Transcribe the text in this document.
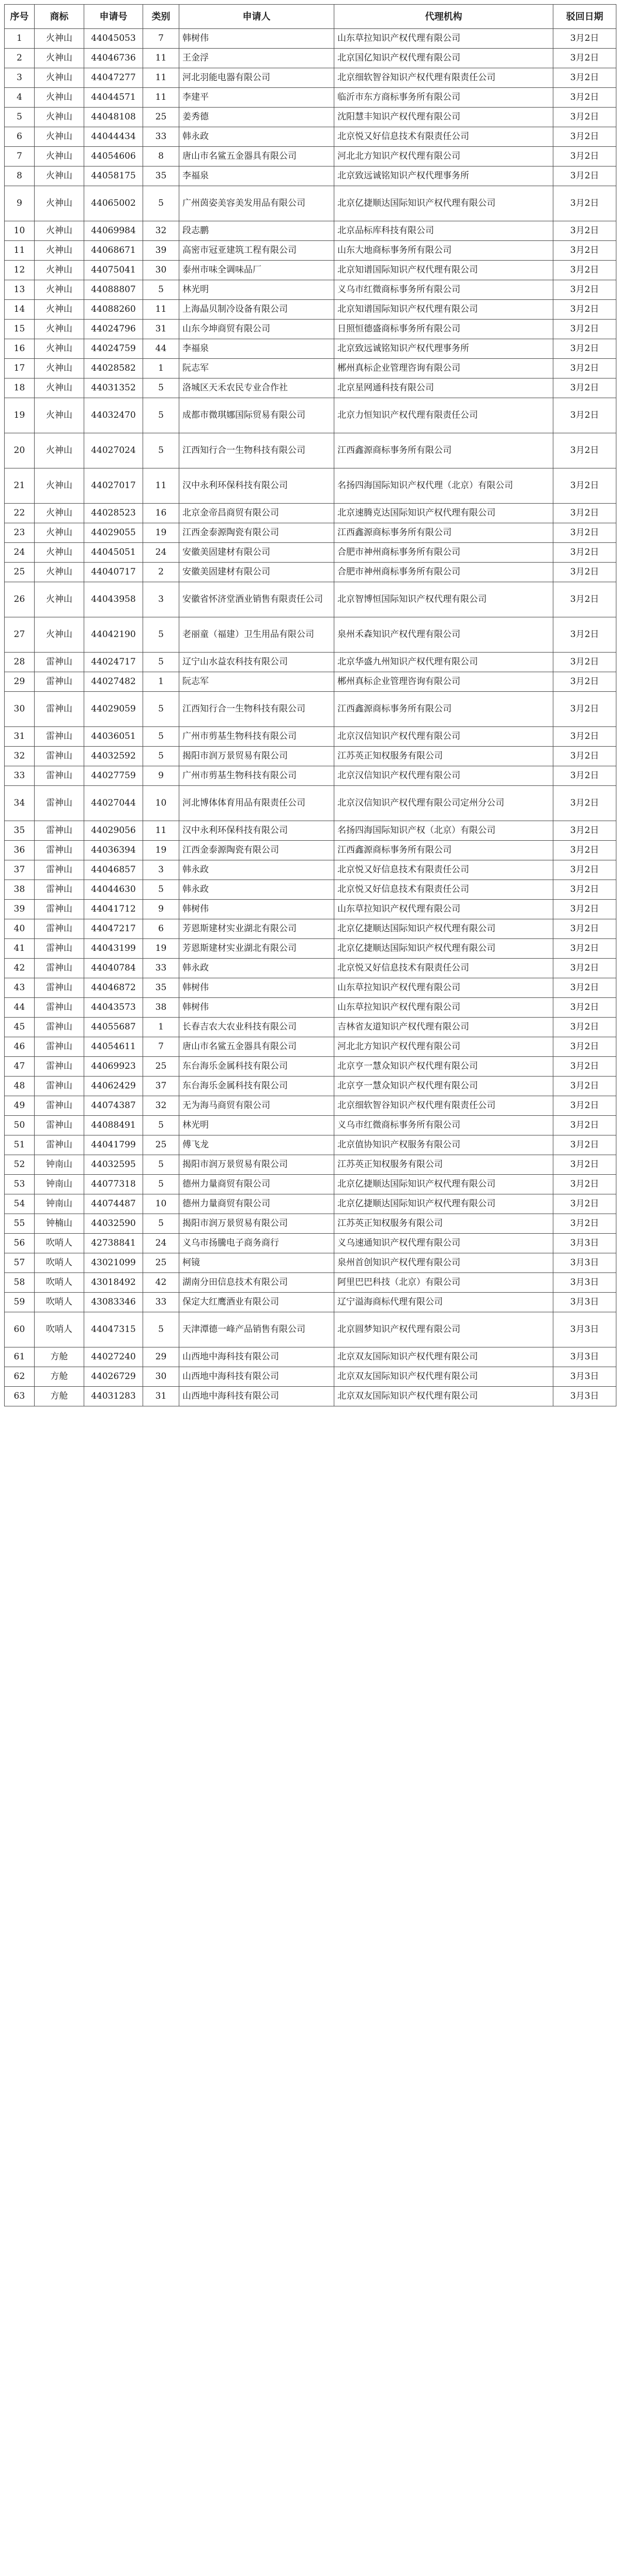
序号	商标	申请号	类别	申请人	代理机构	驳回日期
1	火神山	44045053	7	韩树伟	山东草拉知识产权代理有限公司	3月2日
2	火神山	44046736	11	王金浮	北京国亿知识产权代理有限公司	3月2日
3	火神山	44047277	11	河北羽能电器有限公司	北京细软智谷知识产权代理有限责任公司	3月2日
4	火神山	44044571	11	李建平	临沂市东方商标事务所有限公司	3月2日
5	火神山	44048108	25	姜秀德	沈阳慧丰知识产权代理有限公司	3月2日
6	火神山	44044434	33	韩永政	北京悦又好信息技术有限责任公司	3月2日
7	火神山	44054606	8	唐山市名鲨五金器具有限公司	河北北方知识产权代理有限公司	3月2日
8	火神山	44058175	35	李福泉	北京致远诚铭知识产权代理事务所	3月2日
9	火神山	44065002	5	广州茵姿美容美发用品有限公司	北京亿捷顺达国际知识产权代理有限公司	3月2日
10	火神山	44069984	32	段志鹏	北京品标库科技有限公司	3月2日
11	火神山	44068671	39	高密市冠亚建筑工程有限公司	山东大地商标事务所有限公司	3月2日
12	火神山	44075041	30	泰州市味全调味品厂	北京知谱国际知识产权代理有限公司	3月2日
13	火神山	44088807	5	林光明	义乌市红微商标事务所有限公司	3月2日
14	火神山	44088260	11	上海晶贝制冷设备有限公司	北京知谱国际知识产权代理有限公司	3月2日
15	火神山	44024796	31	山东今坤商贸有限公司	日照恒德盛商标事务所有限公司	3月2日
16	火神山	44024759	44	李福泉	北京致远诚铭知识产权代理事务所	3月2日
17	火神山	44028582	1	阮志军	郴州真标企业管理咨询有限公司	3月2日
18	火神山	44031352	5	洛城区天禾农民专业合作社	北京星网通科技有限公司	3月2日
19	火神山	44032470	5	成都市微琪娜国际贸易有限公司	北京力恒知识产权代理有限责任公司	3月2日
20	火神山	44027024	5	江西知行合一生物科技有限公司	江西鑫源商标事务所有限公司	3月2日
21	火神山	44027017	11	汉中永利环保科技有限公司	名扬四海国际知识产权代理（北京）有限公司	3月2日
22	火神山	44028523	16	北京金帝昌商贸有限公司	北京速腾克达国际知识产权代理有限公司	3月2日
23	火神山	44029055	19	江西金泰源陶瓷有限公司	江西鑫源商标事务所有限公司	3月2日
24	火神山	44045051	24	安徽美固建材有限公司	合肥市神州商标事务所有限公司	3月2日
25	火神山	44040717	2	安徽美固建材有限公司	合肥市神州商标事务所有限公司	3月2日
26	火神山	44043958	3	安徽省怀济堂酒业销售有限责任公司	北京智博恒国际知识产权代理有限公司	3月2日
27	火神山	44042190	5	老丽童（福建）卫生用品有限公司	泉州禾森知识产权代理有限公司	3月2日
28	雷神山	44024717	5	辽宁山水益农科技有限公司	北京华盛九州知识产权代理有限公司	3月2日
29	雷神山	44027482	1	阮志军	郴州真标企业管理咨询有限公司	3月2日
30	雷神山	44029059	5	江西知行合一生物科技有限公司	江西鑫源商标事务所有限公司	3月2日
31	雷神山	44036051	5	广州市剪基生物科技有限公司	北京汉信知识产权代理有限公司	3月2日
32	雷神山	44032592	5	揭阳市润万景贸易有限公司	江苏英正知权服务有限公司	3月2日
33	雷神山	44027759	9	广州市剪基生物科技有限公司	北京汉信知识产权代理有限公司	3月2日
34	雷神山	44027044	10	河北博体体育用品有限责任公司	北京汉信知识产权代理有限公司定州分公司	3月2日
35	雷神山	44029056	11	汉中永利环保科技有限公司	名扬四海国际知识产权（北京）有限公司	3月2日
36	雷神山	44036394	19	江西金泰源陶瓷有限公司	江西鑫源商标事务所有限公司	3月2日
37	雷神山	44046857	3	韩永政	北京悦又好信息技术有限责任公司	3月2日
38	雷神山	44044630	5	韩永政	北京悦又好信息技术有限责任公司	3月2日
39	雷神山	44041712	9	韩树伟	山东草拉知识产权代理有限公司	3月2日
40	雷神山	44047217	6	芳恩斯建材实业湖北有限公司	北京亿捷顺达国际知识产权代理有限公司	3月2日
41	雷神山	44043199	19	芳恩斯建材实业湖北有限公司	北京亿捷顺达国际知识产权代理有限公司	3月2日
42	雷神山	44040784	33	韩永政	北京悦又好信息技术有限责任公司	3月2日
43	雷神山	44046872	35	韩树伟	山东草拉知识产权代理有限公司	3月2日
44	雷神山	44043573	38	韩树伟	山东草拉知识产权代理有限公司	3月2日
45	雷神山	44055687	1	长春吉农大农业科技有限公司	吉林省友道知识产权代理有限公司	3月2日
46	雷神山	44054611	7	唐山市名鲨五金器具有限公司	河北北方知识产权代理有限公司	3月2日
47	雷神山	44069923	25	东台海乐金属科技有限公司	北京亨一慧众知识产权代理有限公司	3月2日
48	雷神山	44062429	37	东台海乐金属科技有限公司	北京亨一慧众知识产权代理有限公司	3月2日
49	雷神山	44074387	32	无为海马商贸有限公司	北京细软智谷知识产权代理有限责任公司	3月2日
50	雷神山	44088491	5	林光明	义乌市红微商标事务所有限公司	3月2日
51	雷神山	44041799	25	傅飞龙	北京值协知识产权服务有限公司	3月2日
52	钟南山	44032595	5	揭阳市润万景贸易有限公司	江苏英正知权服务有限公司	3月2日
53	钟南山	44077318	5	德州力量商贸有限公司	北京亿捷顺达国际知识产权代理有限公司	3月2日
54	钟南山	44074487	10	德州力量商贸有限公司	北京亿捷顺达国际知识产权代理有限公司	3月2日
55	钟楠山	44032590	5	揭阳市润万景贸易有限公司	江苏英正知权服务有限公司	3月2日
56	吹哨人	42738841	24	义乌市扬騰电子商务商行	义乌速通知识产权代理有限公司	3月3日
57	吹哨人	43021099	25	柯镜	泉州首创知识产权代理有限公司	3月3日
58	吹哨人	43018492	42	湖南分田信息技术有限公司	阿里巴巴科技（北京）有限公司	3月3日
59	吹哨人	43083346	33	保定大红鹰酒业有限公司	辽宁溢海商标代理有限公司	3月3日
60	吹哨人	44047315	5	天津潭德一峰产品销售有限公司	北京圆梦知识产权代理有限公司	3月3日
61	方舱	44027240	29	山西地中海科技有限公司	北京双友国际知识产权代理有限公司	3月3日
62	方舱	44026729	30	山西地中海科技有限公司	北京双友国际知识产权代理有限公司	3月3日
63	方舱	44031283	31	山西地中海科技有限公司	北京双友国际知识产权代理有限公司	3月3日
